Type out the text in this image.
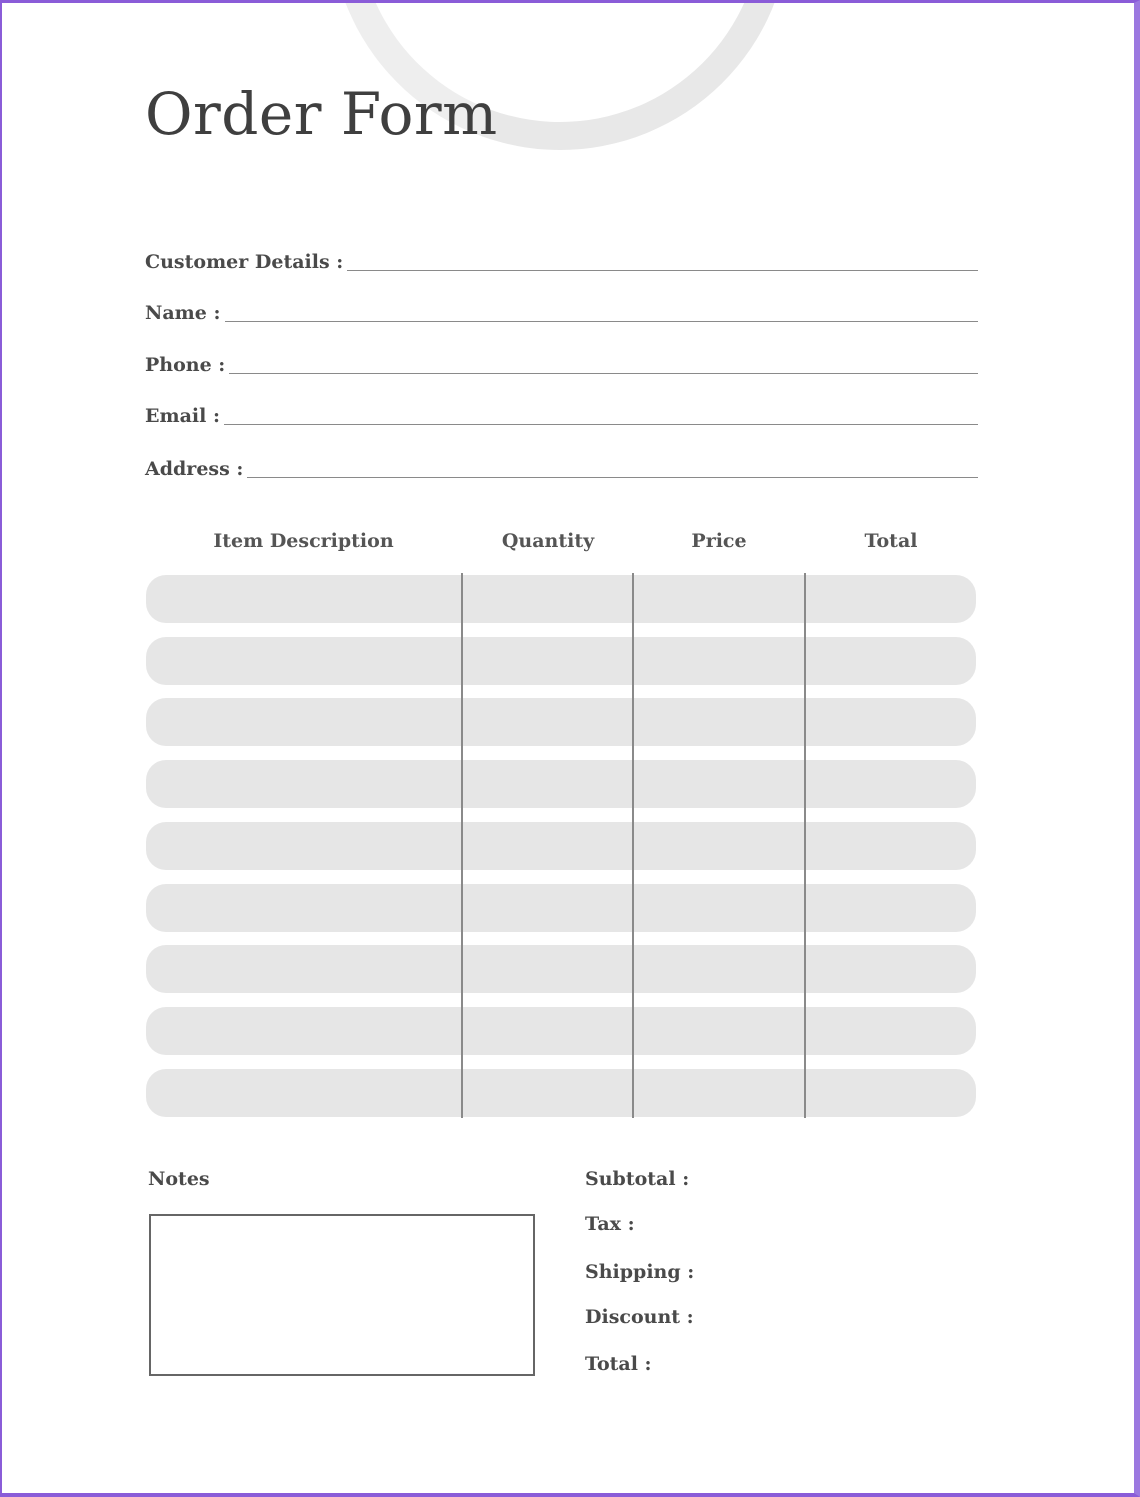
Order Form
Customer Details :
Name :
Phone :
Email :
Address :
Item Description	Quantity	Price	Total
Notes	Subtotal :
Tax :
Shipping :
Discount :
Total :
